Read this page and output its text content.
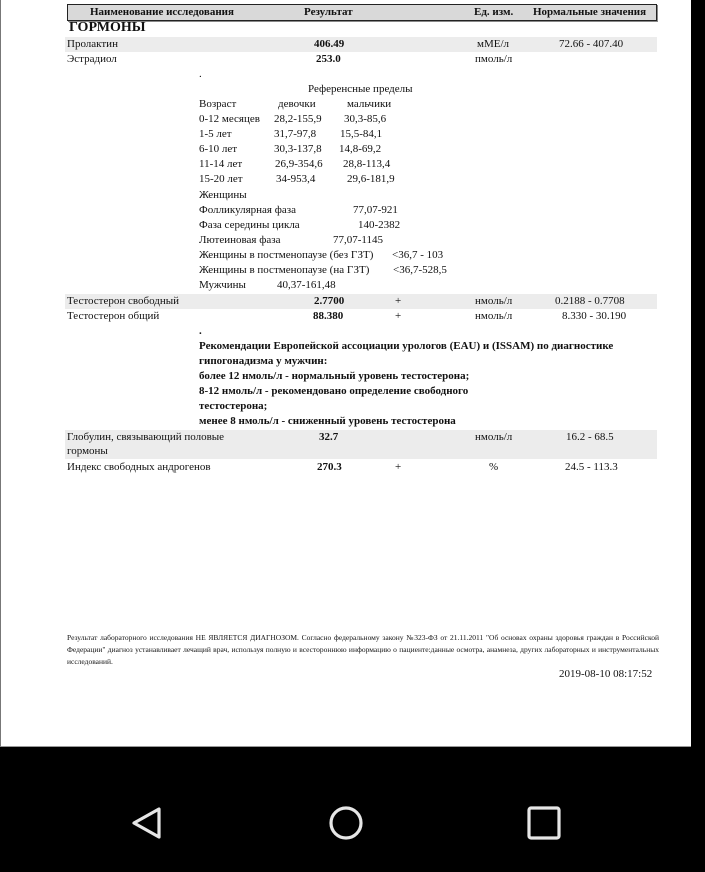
Наименование исследования	Результат	Ед. изм. Нормальные значения
ГОРМОНЫ
Пролактин	406.49	мМЕ/л	72.66 - 407.40
Эстрадиол	253.0	пмоль/л
.
Референсные пределы
Возраст	девочки	мальчики
0-12 месяцев 28,2-155,9 30,3-85,6
1-5 лет	31,7-97,8 15,5-84,1
6-10 лет	30,3-137,8 14,8-69,2
11-14 лет	26,9-354,6 28,8-113,4
15-20 лет	34-953,4	29,6-181,9
Женщины
Фолликулярная фаза	77,07-921
Фаза середины цикла	140-2382
Лютеиновая фаза	77,07-1145
Женщины в постменопаузе (без ГЗТ) <36,7 - 103
Женщины в постменопаузе (на ГЗТ) <36,7-528,5
Мужчины	40,37-161,48
Тестостерон свободный	2.7700	+	нмоль/л	0.2188 - 0.7708
Тестостерон общий	88.380	+	нмоль/л	8.330 - 30.190
.
Рекомендации Европейской ассоциации урологов (EAU) и (ISSAM) по диагностике
гипогонадизма у мужчин:
более 12 нмоль/л - нормальный уровень тестостерона;
8-12 нмоль/л - рекомендовано определение свободного
тестостерона;
менее 8 нмоль/л - сниженный уровень тестостерона
Глобулин, связывающий половые
гормоны
32.7	нмоль/л	16.2 - 68.5
Индекс свободных андрогенов	270.3	+	%	24.5 - 113.3
Результат лабораторного исследования НЕ ЯВЛЯЕТСЯ ДИАГНОЗОМ. Согласно федеральному закону №323-ФЗ от 21.11.2011 "Об основах охраны здоровья граждан в Российской Федерации" диагноз устанавливает лечащий врач, используя полную и всестороннюю информацию о пациенте:данные осмотра, анамнеза, других лабораторных и инструментальных исследований.
2019-08-10 08:17:52
